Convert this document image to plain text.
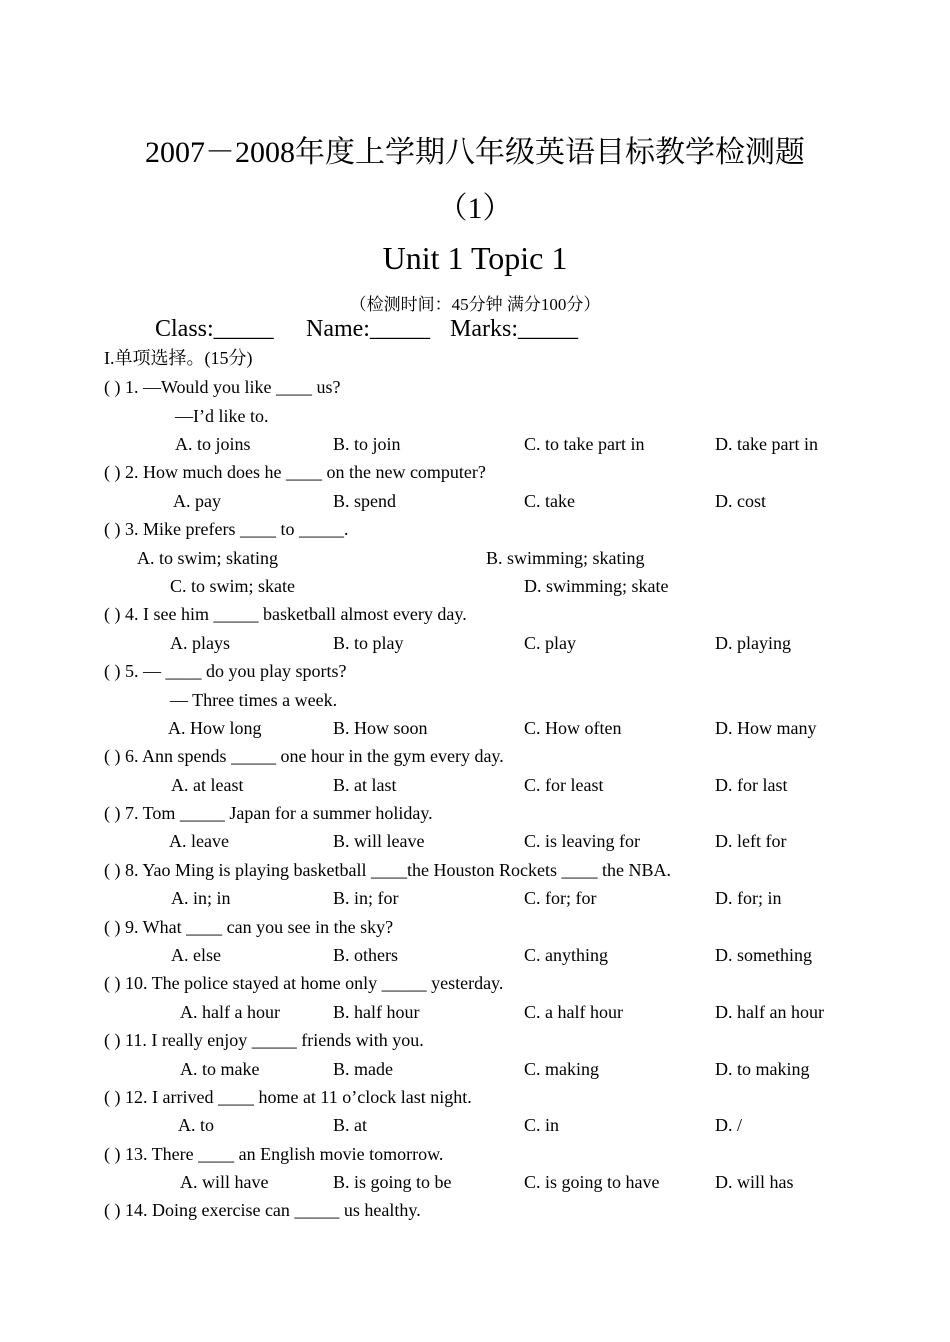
2007－2008年度上学期八年级英语目标教学检测题
（1）
Unit 1 Topic 1
（检测时间：45分钟 满分100分）
Class:_____ Name:_____ Marks:_____
I.单项选择。(15分)
( ) 1. —Would you like ____ us?
—I’d like to.
A. to joins	B. to join	C. to take part in	D. take part in
( ) 2. How much does he ____ on the new computer?
A. pay	B. spend	C. take	D. cost
( ) 3. Mike prefers ____ to _____.
A. to swim; skating	B. swimming; skating
C. to swim; skate	D. swimming; skate
( ) 4. I see him _____ basketball almost every day.
A. plays	B. to play	C. play	D. playing
( ) 5. — ____ do you play sports?
— Three times a week.
A. How long	B. How soon	C. How often	D. How many
( ) 6. Ann spends _____ one hour in the gym every day.
A. at least	B. at last	C. for least	D. for last
( ) 7. Tom _____ Japan for a summer holiday.
A. leave	B. will leave	C. is leaving for	D. left for
( ) 8. Yao Ming is playing basketball ____the Houston Rockets ____ the NBA.
A. in; in	B. in; for	C. for; for	D. for; in
( ) 9. What ____ can you see in the sky?
A. else	B. others	C. anything	D. something
( ) 10. The police stayed at home only _____ yesterday.
A. half a hour	B. half hour	C. a half hour	D. half an hour
( ) 11. I really enjoy _____ friends with you.
A. to make	B. made	C. making	D. to making
( ) 12. I arrived ____ home at 11 o’clock last night.
A. to	B. at	C. in	D. /
( ) 13. There ____ an English movie tomorrow.
A. will have	B. is going to be	C. is going to have	D. will has
( ) 14. Doing exercise can _____ us healthy.
